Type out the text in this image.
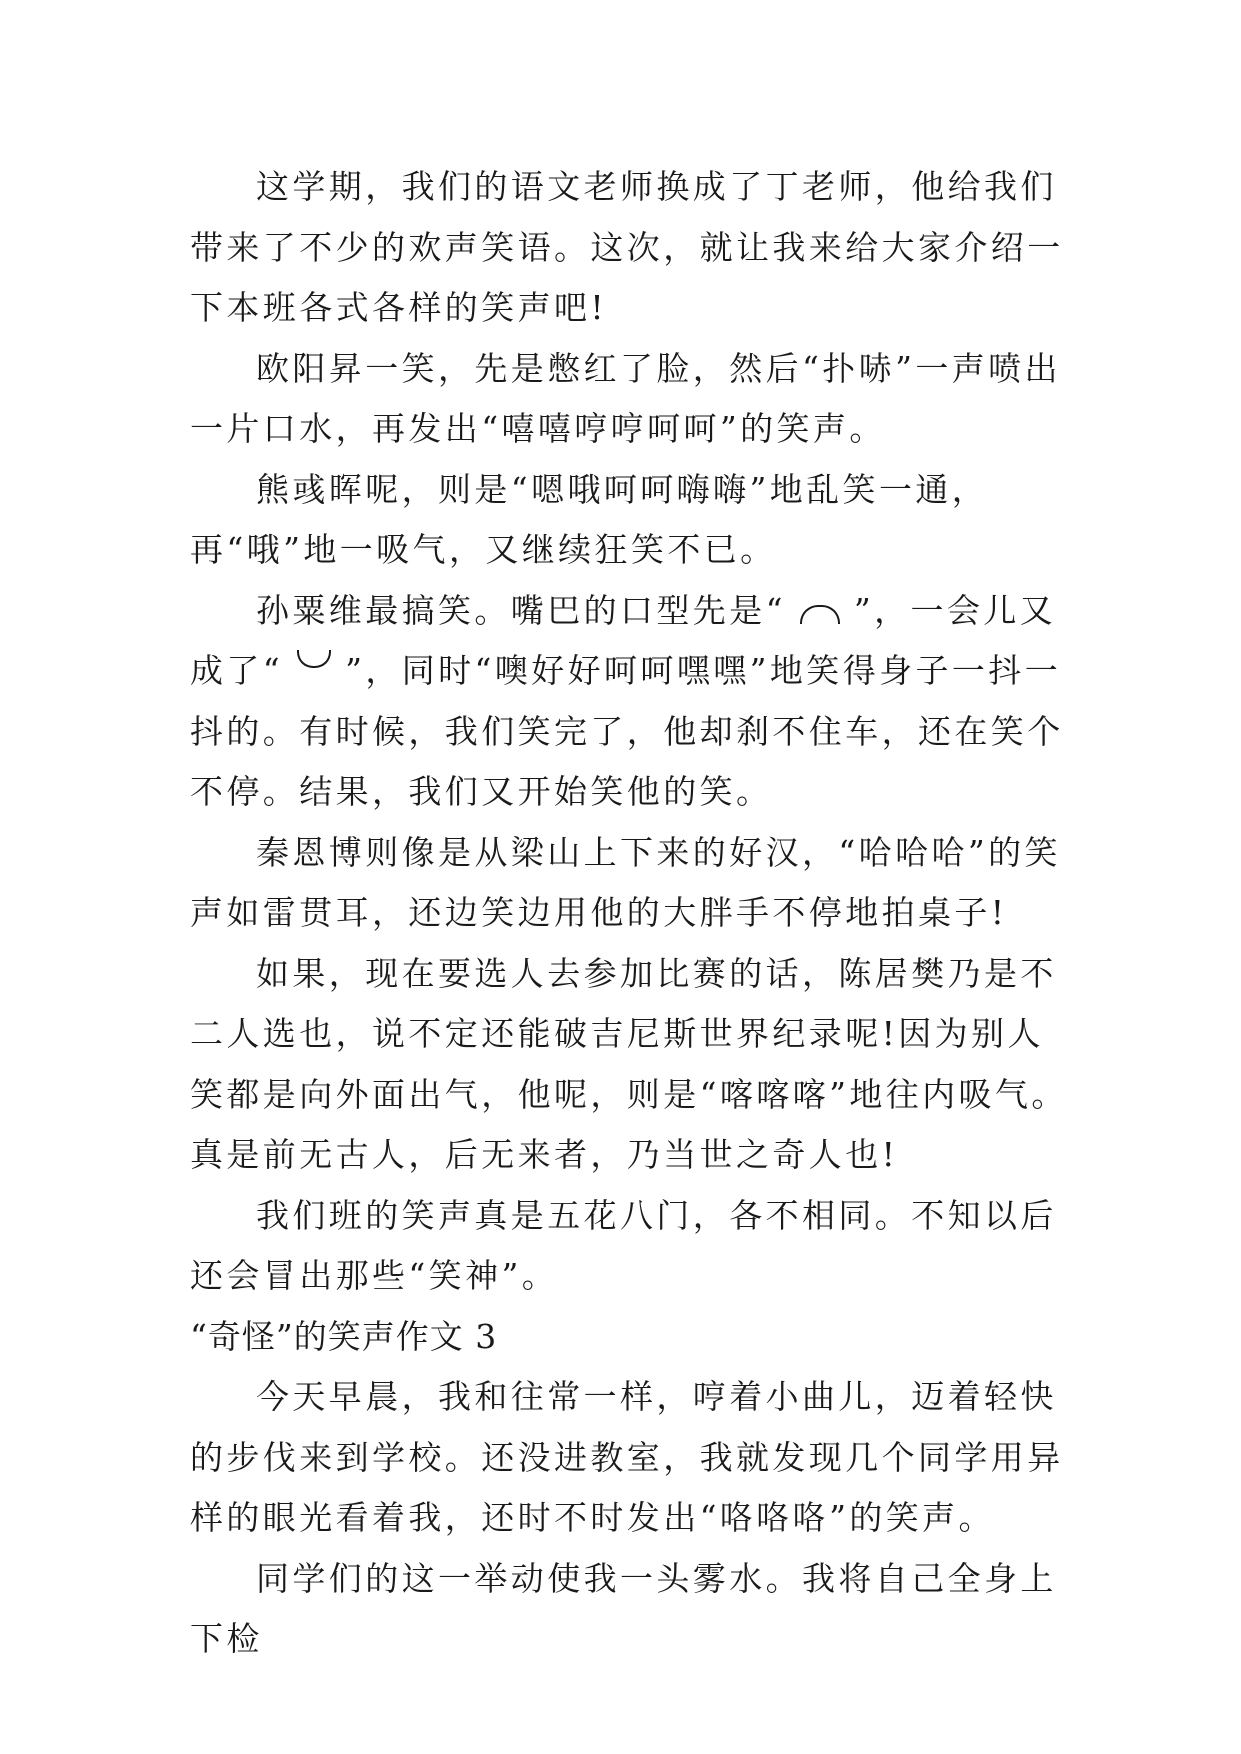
这学期，我们的语文老师换成了丁老师，他给我们带来了不少的欢声笑语。这次，就让我来给大家介绍一下本班各式各样的笑声吧!

欧阳昇一笑，先是憋红了脸，然后“扑哧”一声喷出一片口水，再发出“嘻嘻哼哼呵呵”的笑声。

熊彧晖呢，则是“嗯哦呵呵嗨嗨”地乱笑一通，再“哦”地一吸气，又继续狂笑不已。

孙粟维最搞笑。嘴巴的口型先是“ ”，一会儿又成了“ ”，同时“噢好好呵呵嘿嘿”地笑得身子一抖一抖的。有时候，我们笑完了，他却刹不住车，还在笑个不停。结果，我们又开始笑他的笑。

秦恩博则像是从梁山上下来的好汉，“哈哈哈”的笑声如雷贯耳，还边笑边用他的大胖手不停地拍桌子!

如果，现在要选人去参加比赛的话，陈居樊乃是不二人选也，说不定还能破吉尼斯世界纪录呢!因为别人笑都是向外面出气，他呢，则是“喀喀喀”地往内吸气。真是前无古人，后无来者，乃当世之奇人也!

我们班的笑声真是五花八门，各不相同。不知以后还会冒出那些“笑神”。

“奇怪”的笑声作文 3

今天早晨，我和往常一样，哼着小曲儿，迈着轻快的步伐来到学校。还没进教室，我就发现几个同学用异样的眼光看着我，还时不时发出“咯咯咯”的笑声。

同学们的这一举动使我一头雾水。我将自己全身上下检
